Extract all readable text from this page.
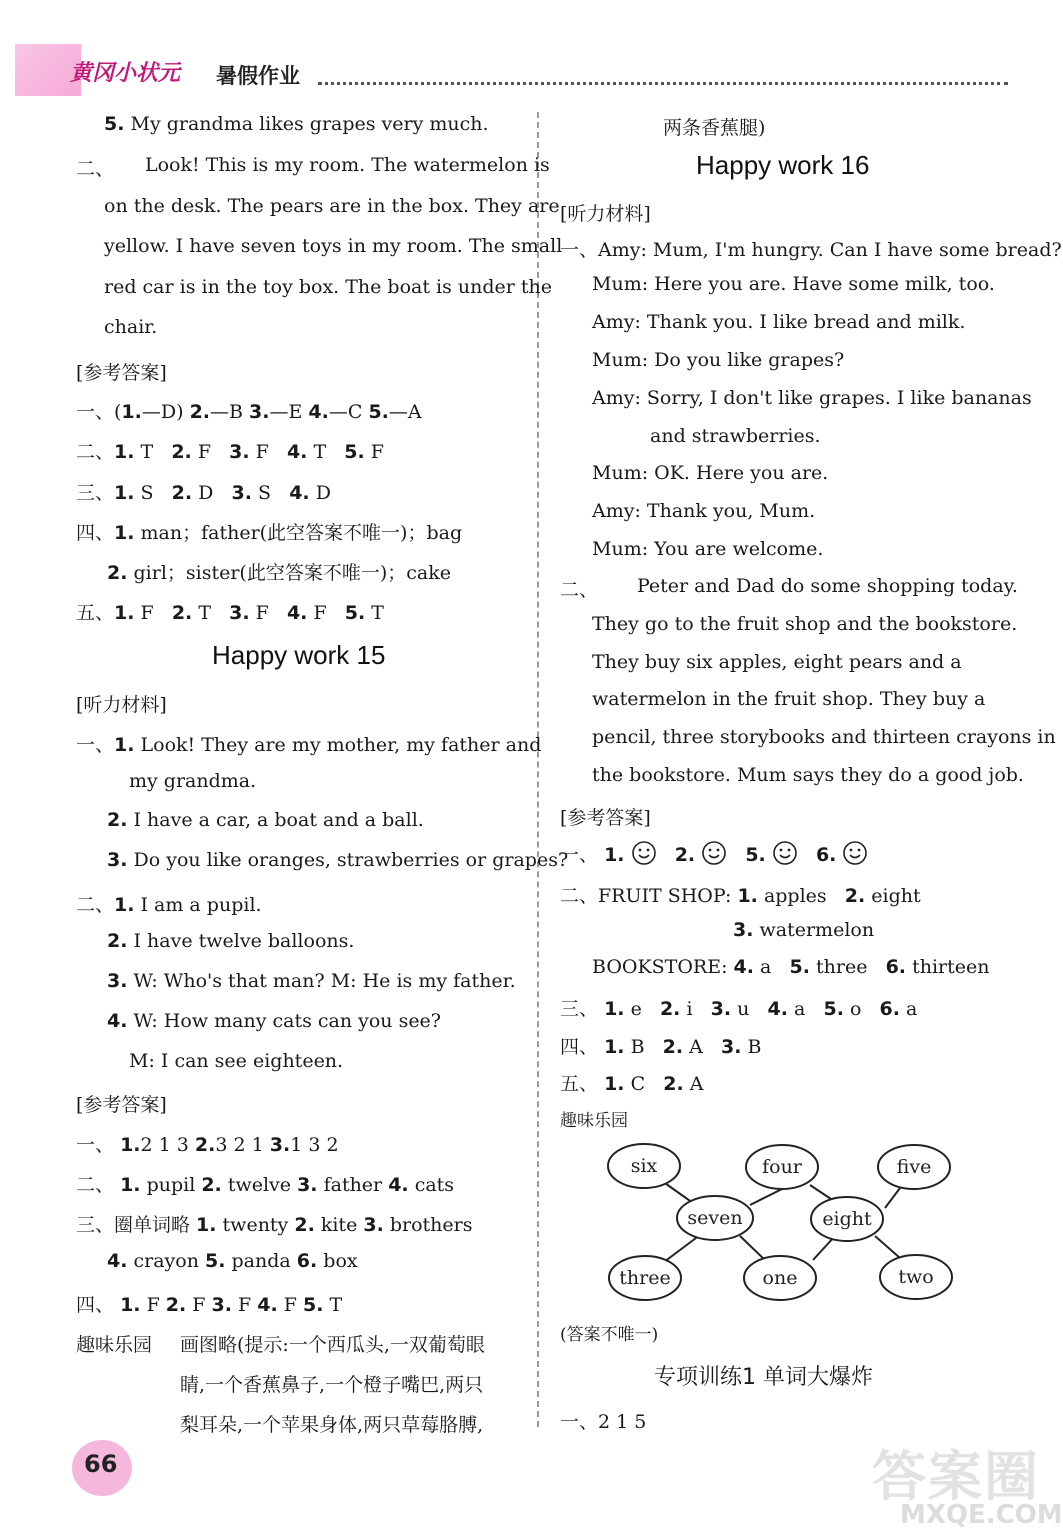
黄冈小状元 暑假作业
5. My grandma likes grapes very much.
二、 Look! This is my room. The watermelon is
on the desk. The pears are in the box. They are
yellow. I have seven toys in my room. The small
red car is in the toy box. The boat is under the
chair.
[参考答案]
一、(1.—D) 2.—B 3.—E 4.—C 5.—A
二、1. T 2. F 3. F 4. T 5. F
三、1. S 2. D 3. S 4. D
四、1. man；father(此空答案不唯一)；bag
2. girl；sister(此空答案不唯一)；cake
五、1. F 2. T 3. F 4. F 5. T
Happy work 15
[听力材料]
一、1. Look! They are my mother, my father and
my grandma.
2. I have a car, a boat and a ball.
3. Do you like oranges, strawberries or grapes?
二、1. I am a pupil.
2. I have twelve balloons.
3. W: Who's that man? M: He is my father.
4. W: How many cats can you see?
M: I can see eighteen.
[参考答案]
一、 1.2 1 3 2.3 2 1 3.1 3 2
二、 1. pupil 2. twelve 3. father 4. cats
三、圈单词略 1. twenty 2. kite 3. brothers
4. crayon 5. panda 6. box
四、 1. F 2. F 3. F 4. F 5. T
趣味乐园 画图略(提示:一个西瓜头,一双葡萄眼
睛,一个香蕉鼻子,一个橙子嘴巴,两只
梨耳朵,一个苹果身体,两只草莓胳膊,
66
两条香蕉腿)
Happy work 16
[听力材料]
一、Amy: Mum, I'm hungry. Can I have some bread?
Mum: Here you are. Have some milk, too.
Amy: Thank you. I like bread and milk.
Mum: Do you like grapes?
Amy: Sorry, I don't like grapes. I like bananas
and strawberries.
Mum: OK. Here you are.
Amy: Thank you, Mum.
Mum: You are welcome.
二、 Peter and Dad do some shopping today.
They go to the fruit shop and the bookstore.
They buy six apples, eight pears and a
watermelon in the fruit shop. They buy a
pencil, three storybooks and thirteen crayons in
the bookstore. Mum says they do a good job.
[参考答案]
一、 1.	2.	5.	6.
二、FRUIT SHOP: 1. apples 2. eight
3. watermelon
BOOKSTORE: 4. a 5. three 6. thirteen
三、 1. e 2. i 3. u 4. a 5. o 6. a
四、 1. B 2. A 3. B
五、 1. C 2. A
趣味乐园
six	four	five
seven	eight
three	one	two
(答案不唯一)
专项训练1 单词大爆炸
一、2 1 5
答案圈
MXQE.COM
